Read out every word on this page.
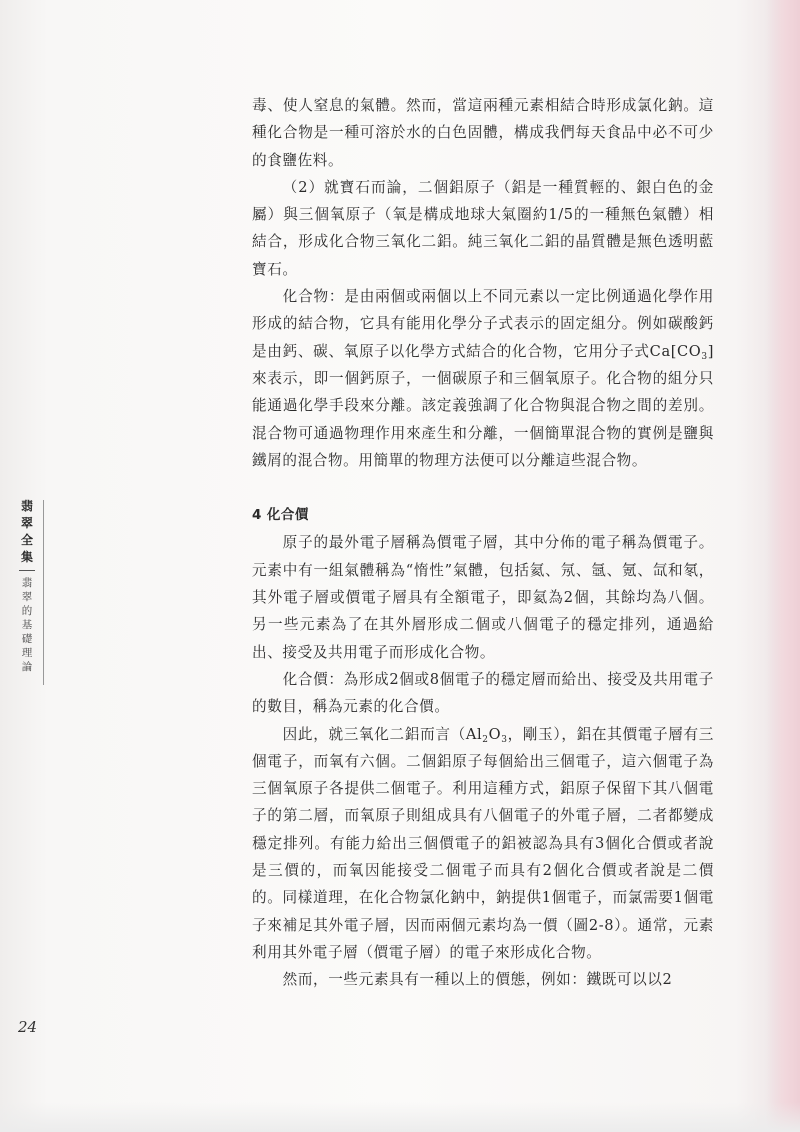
毒、使人窒息的氣體。然而，當這兩種元素相結合時形成氯化鈉。這種化合物是一種可溶於水的白色固體，構成我們每天食品中必不可少的食鹽佐料。

（2）就寶石而論，二個鋁原子（鋁是一種質輕的、銀白色的金屬）與三個氧原子（氧是構成地球大氣圈約1/5的一種無色氣體）相結合，形成化合物三氧化二鋁。純三氧化二鋁的晶質體是無色透明藍寶石。

化合物：是由兩個或兩個以上不同元素以一定比例通過化學作用形成的結合物，它具有能用化學分子式表示的固定組分。例如碳酸鈣是由鈣、碳、氧原子以化學方式結合的化合物，它用分子式$Ca[CO_3]$來表示，即一個鈣原子，一個碳原子和三個氧原子。化合物的組分只能通過化學手段來分離。該定義強調了化合物與混合物之間的差別。混合物可通過物理作用來產生和分離，一個簡單混合物的實例是鹽與鐵屑的混合物。用簡單的物理方法便可以分離這些混合物。

4 化合價

原子的最外電子層稱為價電子層，其中分佈的電子稱為價電子。元素中有一組氣體稱為“惰性”氣體，包括氦、氖、氬、氪、氙和氡，其外電子層或價電子層具有全額電子，即氦為2個，其餘均為八個。另一些元素為了在其外層形成二個或八個電子的穩定排列，通過給出、接受及共用電子而形成化合物。

化合價：為形成2個或8個電子的穩定層而給出、接受及共用電子的數目，稱為元素的化合價。

因此，就三氧化二鋁而言（$Al_2O_3$，剛玉），鋁在其價電子層有三個電子，而氧有六個。二個鋁原子每個給出三個電子，這六個電子為三個氧原子各提供二個電子。利用這種方式，鋁原子保留下其八個電子的第二層，而氧原子則組成具有八個電子的外電子層，二者都變成穩定排列。有能力給出三個價電子的鋁被認為具有3個化合價或者說是三價的，而氧因能接受二個電子而具有2個化合價或者說是二價的。同樣道理，在化合物氯化鈉中，鈉提供1個電子，而氯需要1個電子來補足其外電子層，因而兩個元素均為一價（圖2-8）。通常，元素利用其外電子層（價電子層）的電子來形成化合物。

然而，一些元素具有一種以上的價態，例如：鐵既可以以2

翡
翠
全
集
翡
翠
的
基
礎
理
論
24
